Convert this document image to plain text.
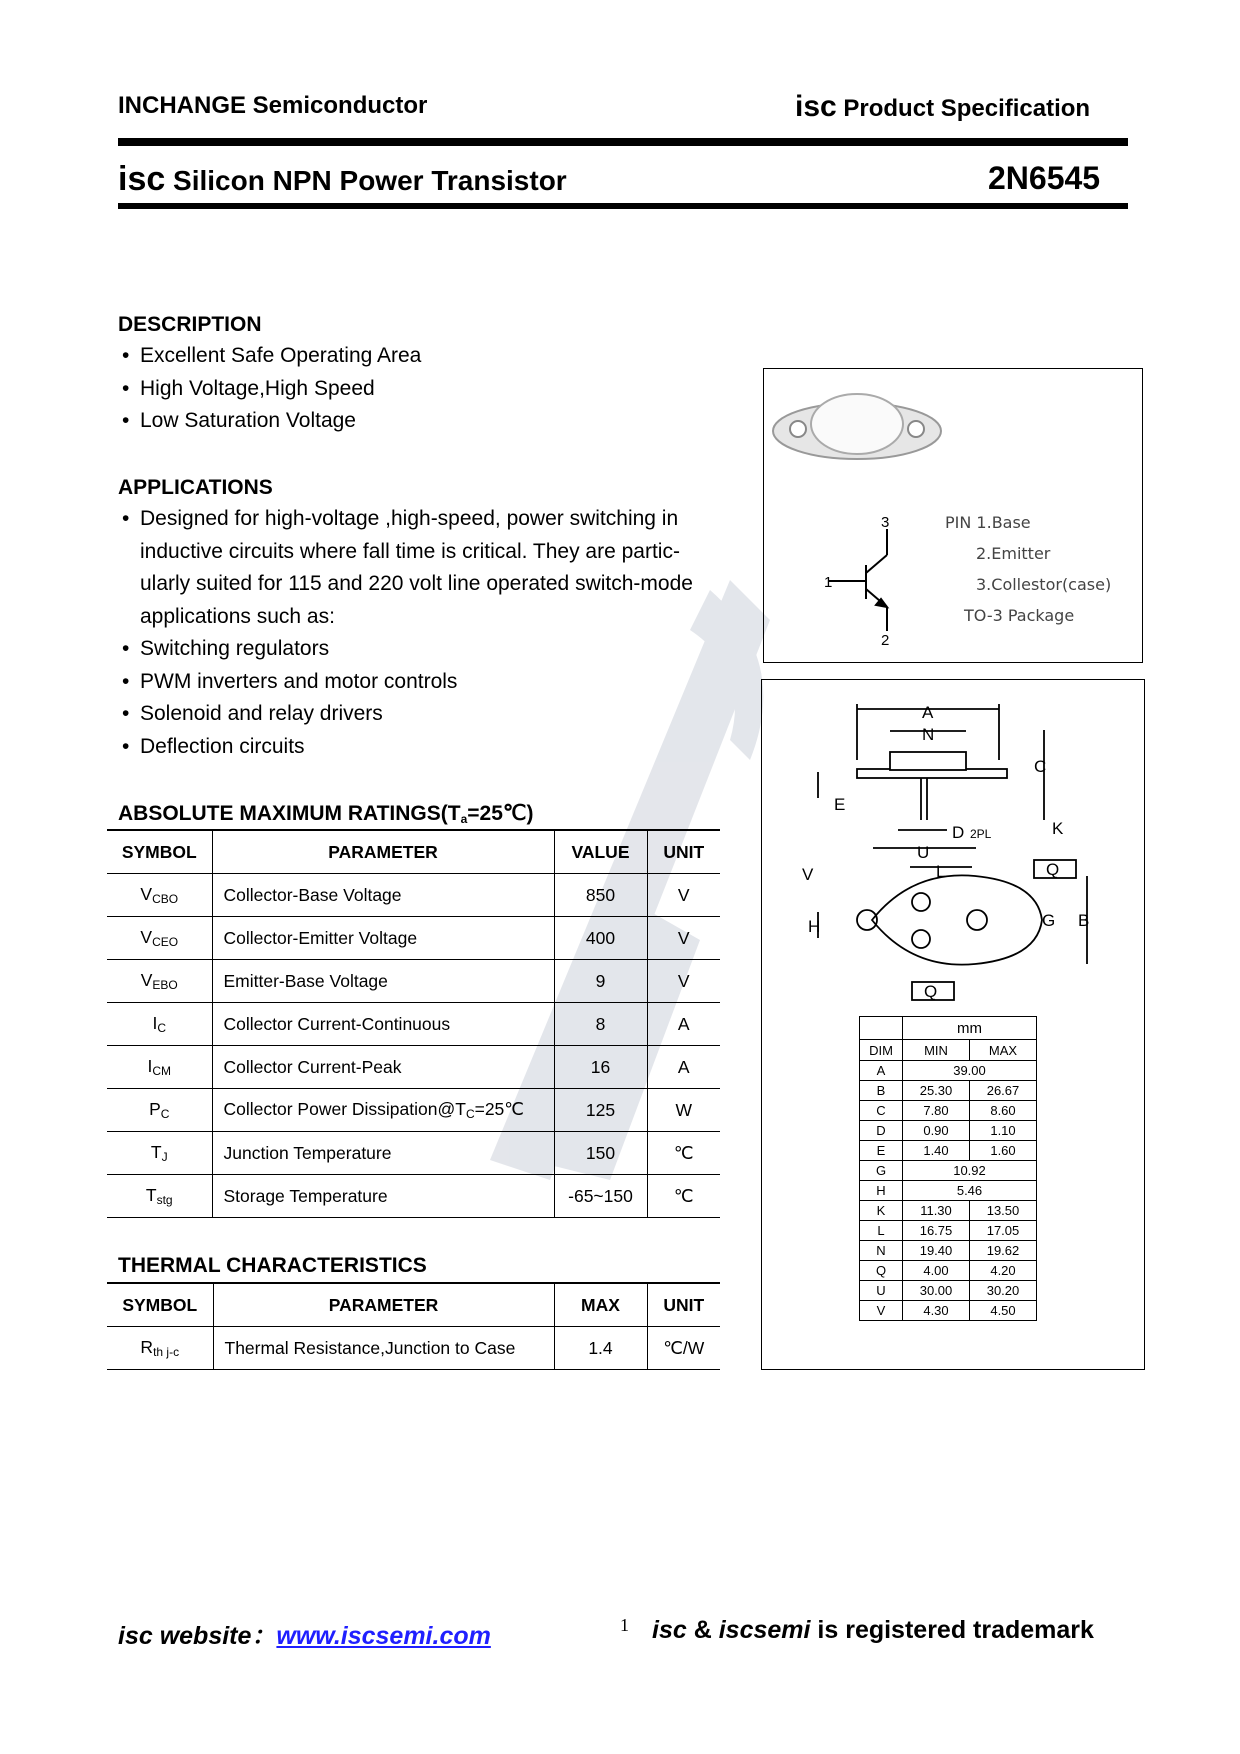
INCHANGE Semiconductor	isc Product Specification
isc Silicon NPN Power Transistor	2N6545
DESCRIPTION
• Excellent Safe Operating Area
• High Voltage,High Speed
• Low Saturation Voltage
APPLICATIONS
• Designed for high-voltage ,high-speed, power switching in
inductive circuits where fall time is critical. They are partic-
ularly suited for 115 and 220 volt line operated switch-mode
applications such as:
• Switching regulators
• PWM inverters and motor controls
• Solenoid and relay drivers
• Deflection circuits
ABSOLUTE MAXIMUM $RATINGS(T_a=25℃)$
SYMBOL	PARAMETER	VALUE	UNIT
$V_{CBO}$	Collector-Base Voltage	850	V
$V_{CEO}$	Collector-Emitter Voltage	400	V
$V_{EBO}$	Emitter-Base Voltage	9	V
$I_C$	Collector Current-Continuous	8	A
$I_{CM}$	Collector Current-Peak	16	A
$P_C$	Collector Power $Dissipation@T_C=25℃$	125	W
$T_J$	Junction Temperature	150	℃
$T_{stg}$	Storage Temperature	-65~150	℃
THERMAL CHARACTERISTICS
SYMBOL	PARAMETER	MAX	UNIT
$R_{th j-c}$	Thermal Resistance,Junction to Case	1.4	℃/W
1
3
2
PIN 1.Base
2.Emitter
3.Collestor(case)
TO-3 Package
A
N
C
E
K
D 2PL
U
L
V	Q
G B
H
Q
	mm
DIM	MIN	MAX
A	39.00
B	25.30	26.67
C	7.80	8.60
D	0.90	1.10
E	1.40	1.60
G	10.92
H	5.46
K	11.30	13.50
L	16.75	17.05
N	19.40	19.62
Q	4.00	4.20
U	30.00	30.20
V	4.30	4.50
isc website：www.iscsemi.com	1 isc & iscsemi is registered trademark
